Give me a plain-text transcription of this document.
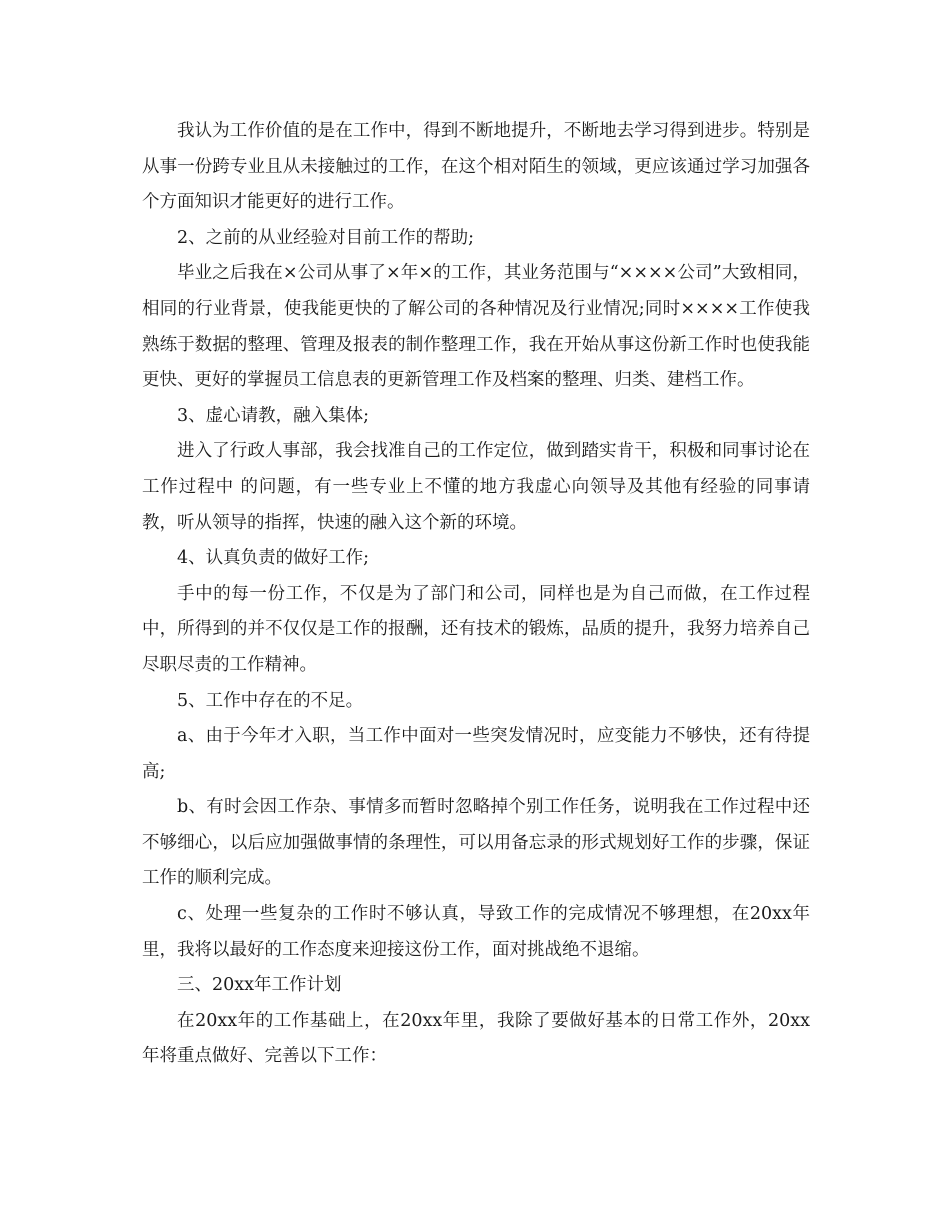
我认为工作价值的是在工作中，得到不断地提升，不断地去学习得到进步。特别是从事一份跨专业且从未接触过的工作，在这个相对陌生的领域，更应该通过学习加强各个方面知识才能更好的进行工作。

2、之前的从业经验对目前工作的帮助;

毕业之后我在×公司从事了×年×的工作，其业务范围与“××××公司”大致相同，相同的行业背景，使我能更快的了解公司的各种情况及行业情况;同时××××工作使我熟练于数据的整理、管理及报表的制作整理工作，我在开始从事这份新工作时也使我能更快、更好的掌握员工信息表的更新管理工作及档案的整理、归类、建档工作。

3、虚心请教，融入集体;

进入了行政人事部，我会找准自己的工作定位，做到踏实肯干，积极和同事讨论在工作过程中 的问题，有一些专业上不懂的地方我虚心向领导及其他有经验的同事请教，听从领导的指挥，快速的融入这个新的环境。

4、认真负责的做好工作;

手中的每一份工作，不仅是为了部门和公司，同样也是为自己而做，在工作过程中，所得到的并不仅仅是工作的报酬，还有技术的锻炼，品质的提升，我努力培养自己尽职尽责的工作精神。

5、工作中存在的不足。

a、由于今年才入职，当工作中面对一些突发情况时，应变能力不够快，还有待提高;

b、有时会因工作杂、事情多而暂时忽略掉个别工作任务，说明我在工作过程中还不够细心，以后应加强做事情的条理性，可以用备忘录的形式规划好工作的步骤，保证工作的顺利完成。

c、处理一些复杂的工作时不够认真，导致工作的完成情况不够理想，在20xx年里，我将以最好的工作态度来迎接这份工作，面对挑战绝不退缩。

三、20xx年工作计划

在20xx年的工作基础上，在20xx年里，我除了要做好基本的日常工作外，20xx年将重点做好、完善以下工作：
